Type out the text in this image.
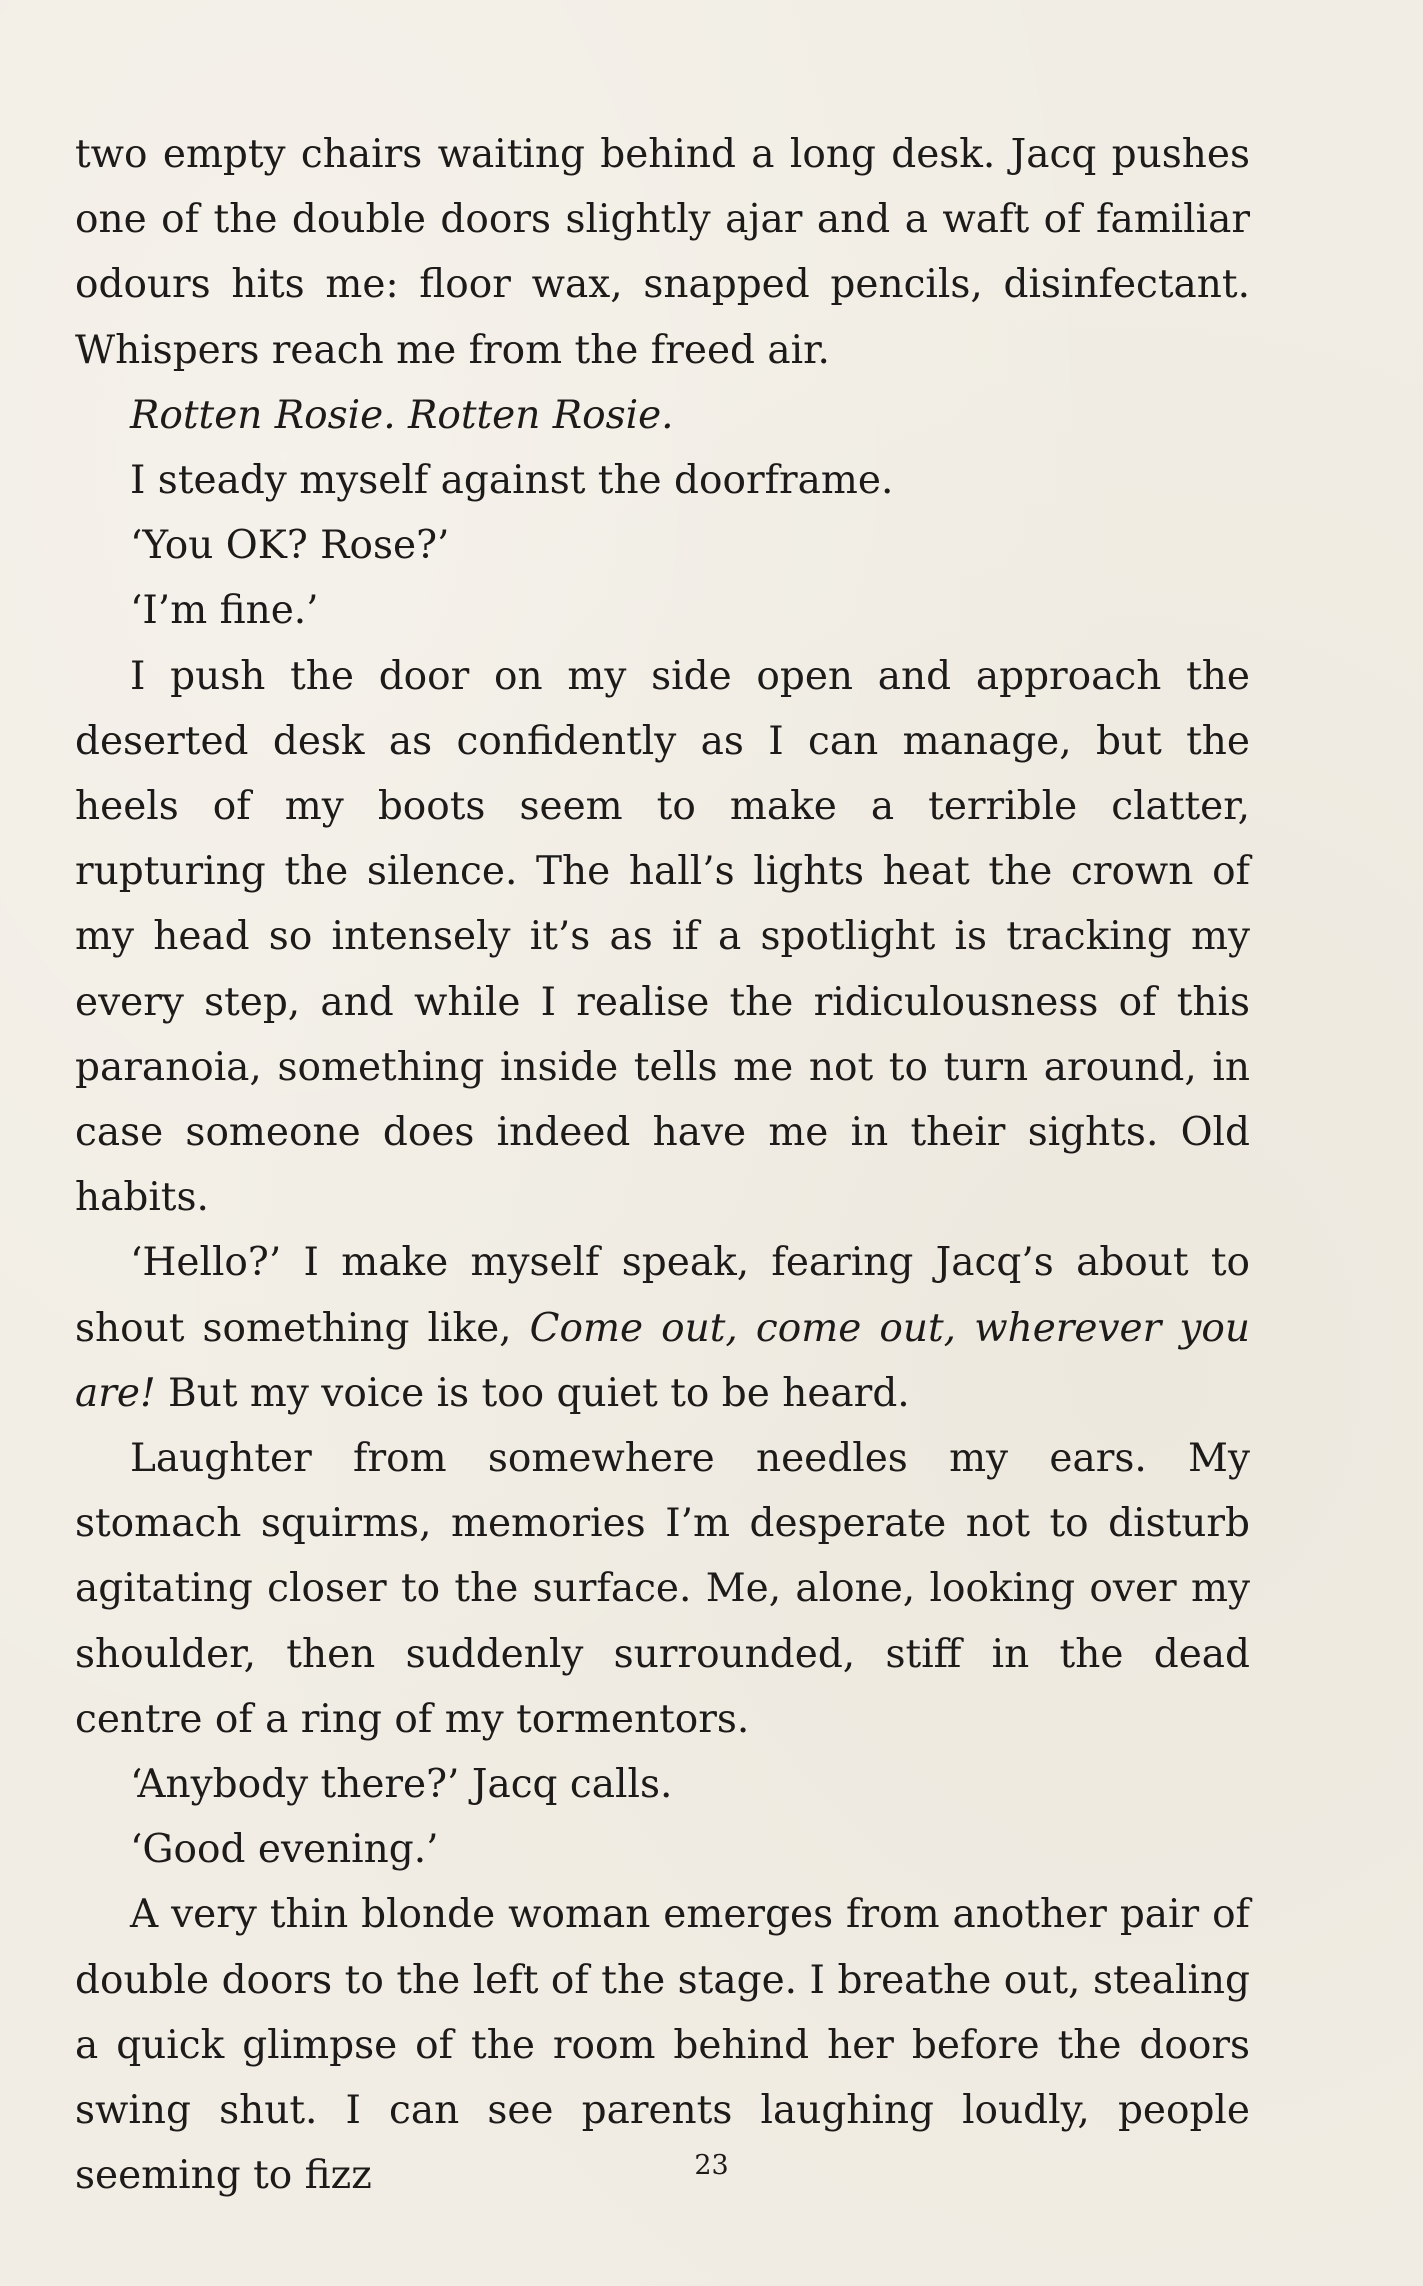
two empty chairs waiting behind a long desk. Jacq pushes one of the double doors slightly ajar and a waft of familiar odours hits me: floor wax, snapped pencils, disinfectant. Whispers reach me from the freed air.

Rotten Rosie. Rotten Rosie.

I steady myself against the doorframe.

‘You OK? Rose?’

‘I’m fine.’

I push the door on my side open and approach the deserted desk as confidently as I can manage, but the heels of my boots seem to make a terrible clatter, rupturing the silence. The hall’s lights heat the crown of my head so intensely it’s as if a spotlight is tracking my every step, and while I realise the ridiculousness of this paranoia, something inside tells me not to turn around, in case someone does indeed have me in their sights. Old habits.

‘Hello?’ I make myself speak, fearing Jacq’s about to shout something like, Come out, come out, wherever you are! But my voice is too quiet to be heard.

Laughter from somewhere needles my ears. My stomach squirms, memories I’m desperate not to disturb agitating closer to the surface. Me, alone, looking over my shoulder, then suddenly surrounded, stiff in the dead centre of a ring of my tormentors.

‘Anybody there?’ Jacq calls.

‘Good evening.’

A very thin blonde woman emerges from another pair of double doors to the left of the stage. I breathe out, stealing a quick glimpse of the room behind her before the doors swing shut. I can see parents laughing loudly, people seeming to fizz	23
